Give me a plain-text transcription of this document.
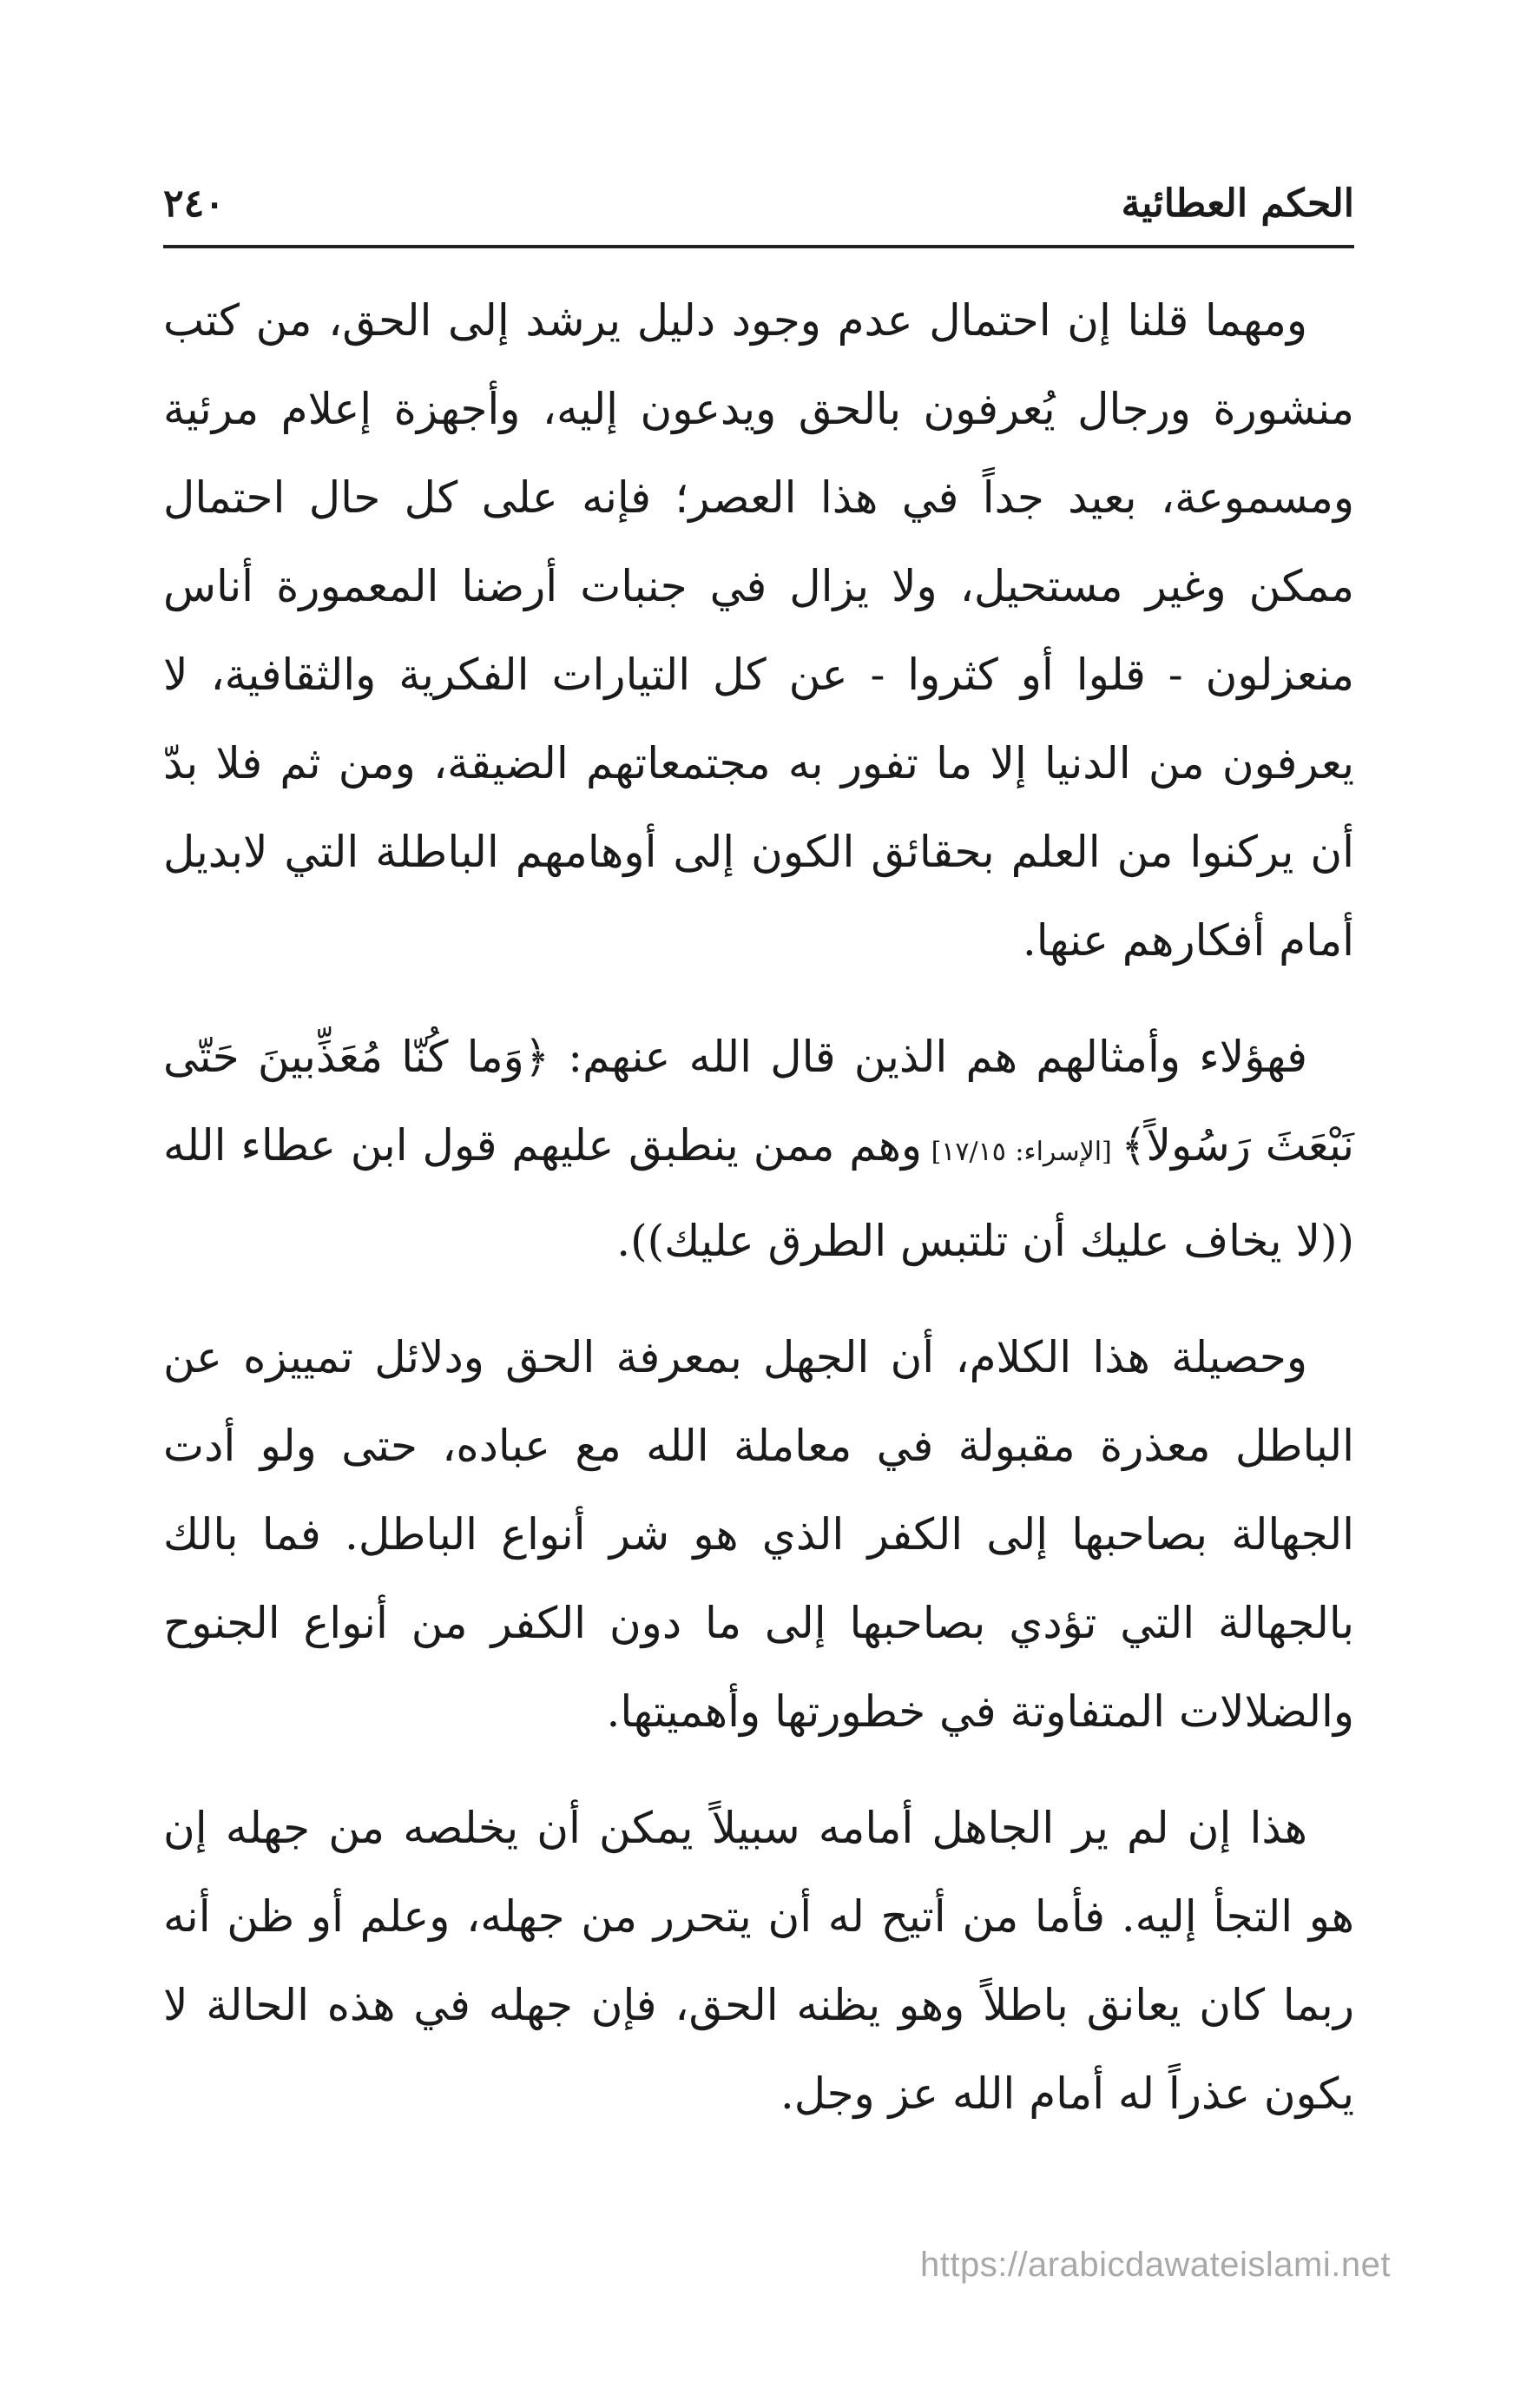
الحكم العطائية
٢٤٠

ومهما قلنا إن احتمال عدم وجود دليل يرشد إلى الحق، من كتب منشورة ورجال يُعرفون بالحق ويدعون إليه، وأجهزة إعلام مرئية ومسموعة، بعيد جداً في هذا العصر؛ فإنه على كل حال احتمال ممكن وغير مستحيل، ولا يزال في جنبات أرضنا المعمورة أناس منعزلون - قلوا أو كثروا - عن كل التيارات الفكرية والثقافية، لا يعرفون من الدنيا إلا ما تفور به مجتمعاتهم الضيقة، ومن ثم فلا بدّ أن يركنوا من العلم بحقائق الكون إلى أوهامهم الباطلة التي لابديل أمام أفكارهم عنها.

فهؤلاء وأمثالهم هم الذين قال الله عنهم: ﴿وَما كُنّا مُعَذِّبينَ حَتّى نَبْعَثَ رَسُولاً﴾ [الإسراء: ١٧/١٥] وهم ممن ينطبق عليهم قول ابن عطاء الله ((لا يخاف عليك أن تلتبس الطرق عليك)).

وحصيلة هذا الكلام، أن الجهل بمعرفة الحق ودلائل تمييزه عن الباطل معذرة مقبولة في معاملة الله مع عباده، حتى ولو أدت الجهالة بصاحبها إلى الكفر الذي هو شر أنواع الباطل. فما بالك بالجهالة التي تؤدي بصاحبها إلى ما دون الكفر من أنواع الجنوح والضلالات المتفاوتة في خطورتها وأهميتها.

هذا إن لم ير الجاهل أمامه سبيلاً يمكن أن يخلصه من جهله إن هو التجأ إليه. فأما من أتيح له أن يتحرر من جهله، وعلم أو ظن أنه ربما كان يعانق باطلاً وهو يظنه الحق، فإن جهله في هذه الحالة لا يكون عذراً له أمام الله عز وجل.

https://arabicdawateislami.net
